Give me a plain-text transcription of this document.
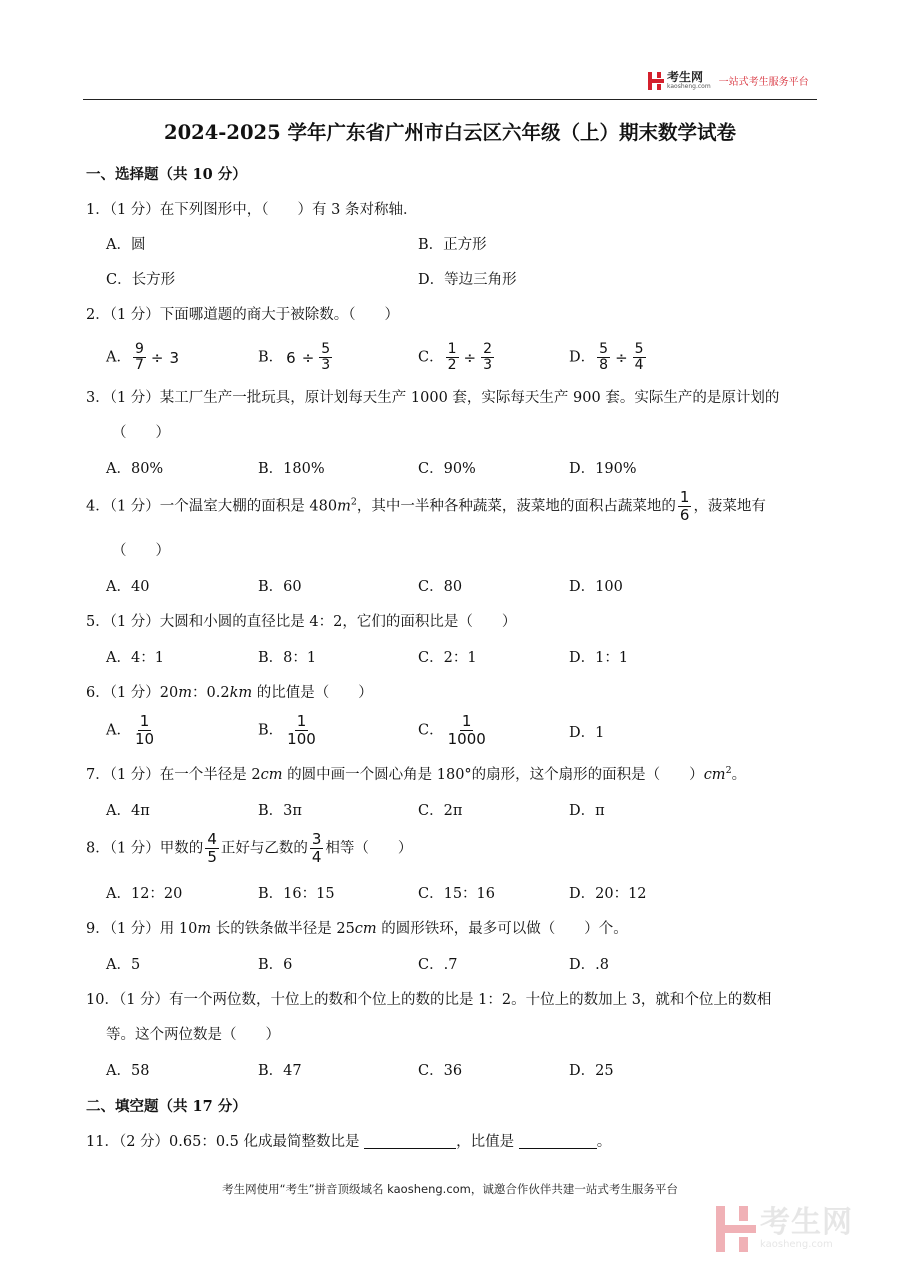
考生网
kaosheng.com 一站式考生服务平台
2024-2025 学年广东省广州市白云区六年级（上）期末数学试卷
一、选择题（共 10 分）
1．（1 分）在下列图形中，（　　）有 3 条对称轴．
A．圆	B．正方形
C．长方形	D．等边三角形
2．（1 分）下面哪道题的商大于被除数。（　　）
A． $\frac{9}{7} \div 3$	B． $6 \div \frac{5}{3}$	C． $\frac{1}{2} \div \frac{2}{3}$	D． $\frac{5}{8} \div \frac{5}{4}$
3．（1 分）某工厂生产一批玩具，原计划每天生产 1000 套，实际每天生产 900 套。实际生产的是原计划的
（　　）
A．80%	B．180%	C．90%	D．190%
4．（1 分）一个温室大棚的面积是 $480m^2$，其中一半种各种蔬菜，菠菜地的面积占蔬菜地的 $\frac{1}{6}$ ，菠菜地有
（　　）
A．40	B．60	C．80	D．100
5．（1 分）大圆和小圆的直径比是 4：2，它们的面积比是（　　）
A．4：1	B．8：1	C．2：1	D．1：1
6．（1 分）20m：0.2km 的比值是（　　）
A． $\frac{1}{10}$	B． $\frac{1}{100}$	C． $\frac{1}{1000}$	D．1
7．（1 分）在一个半径是 2cm 的圆中画一个圆心角是 180°的扇形，这个扇形的面积是（　　）$cm^2$。
A．4π	B．3π	C．2π	D．π
8．（1 分）甲数的 $\frac{4}{5}$ 正好与乙数的 $\frac{3}{4}$ 相等（　　）
A．12：20	B．16：15	C．15：16	D．20：12
9．（1 分）用 10m 长的铁条做半径是 25cm 的圆形铁环，最多可以做（　　）个。
A．5	B．6	C．.7	D．.8
10．（1 分）有一个两位数，十位上的数和个位上的数的比是 1：2。十位上的数加上 3，就和个位上的数相
等。这个两位数是（　　）
A．58	B．47	C．36	D．25
二、填空题（共 17 分）
11．（2 分）0.65：0.5 化成最简整数比是	，比值是	。
考生网使用“考生”拼音顶级域名 kaosheng.com，诚邀合作伙伴共建一站式考生服务平台
考生网
kaosheng.com
